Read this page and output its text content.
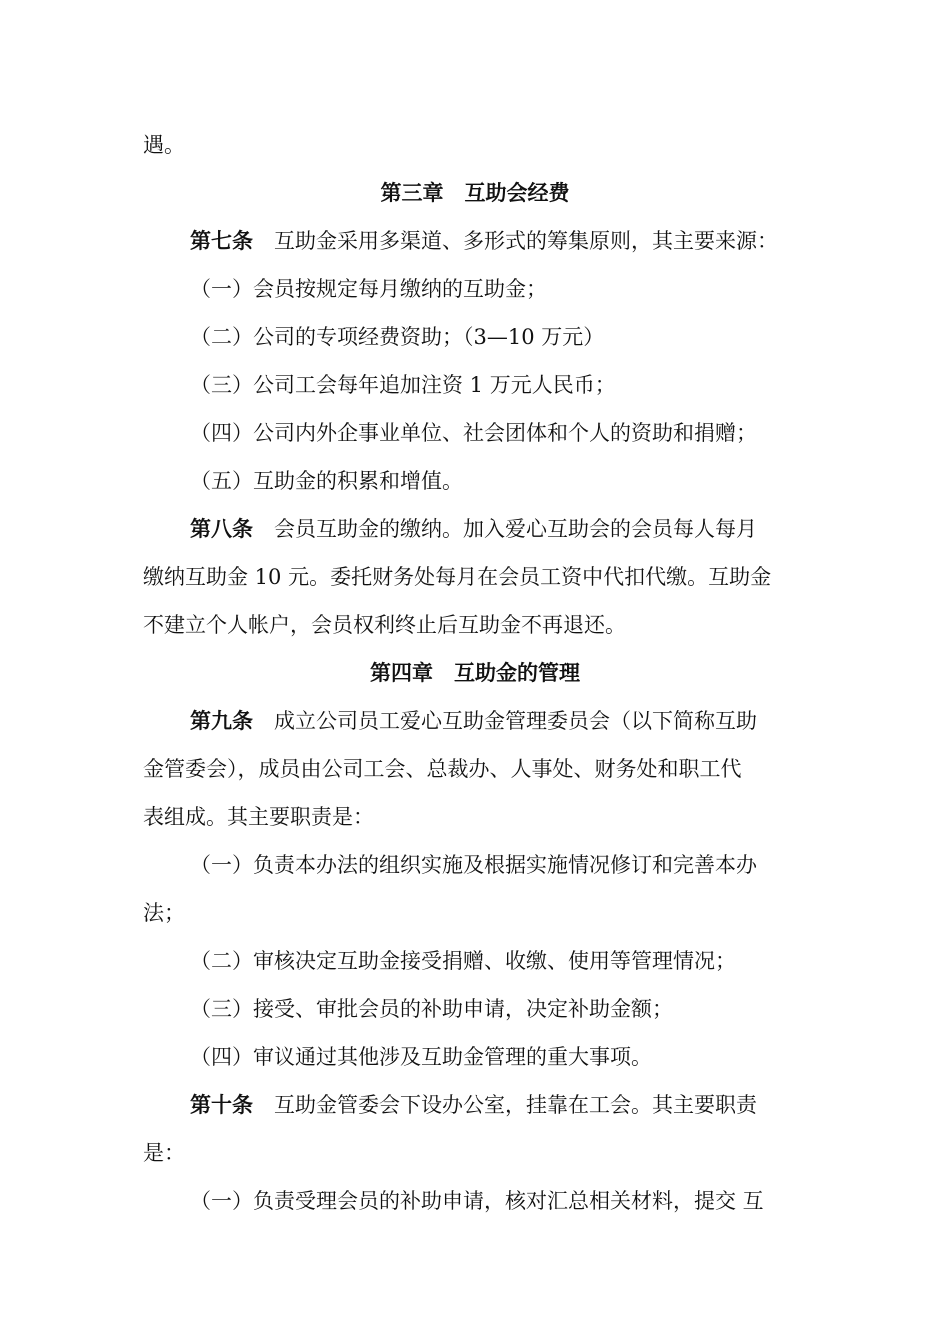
遇。
第三章　互助会经费
第七条　互助金采用多渠道、多形式的筹集原则，其主要来源：
（一）会员按规定每月缴纳的互助金；
（二）公司的专项经费资助；（3—10 万元）
（三）公司工会每年追加注资 1 万元人民币；
（四）公司内外企事业单位、社会团体和个人的资助和捐赠；
（五）互助金的积累和增值。
第八条　会员互助金的缴纳。加入爱心互助会的会员每人每月
缴纳互助金 10 元。委托财务处每月在会员工资中代扣代缴。互助金
不建立个人帐户，会员权利终止后互助金不再退还。
第四章　互助金的管理
第九条　成立公司员工爱心互助金管理委员会（以下简称互助
金管委会），成员由公司工会、总裁办、人事处、财务处和职工代
表组成。其主要职责是：
（一）负责本办法的组织实施及根据实施情况修订和完善本办
法；
（二）审核决定互助金接受捐赠、收缴、使用等管理情况；
（三）接受、审批会员的补助申请，决定补助金额；
（四）审议通过其他涉及互助金管理的重大事项。
第十条　互助金管委会下设办公室，挂靠在工会。其主要职责
是：
（一）负责受理会员的补助申请，核对汇总相关材料，提交 互
